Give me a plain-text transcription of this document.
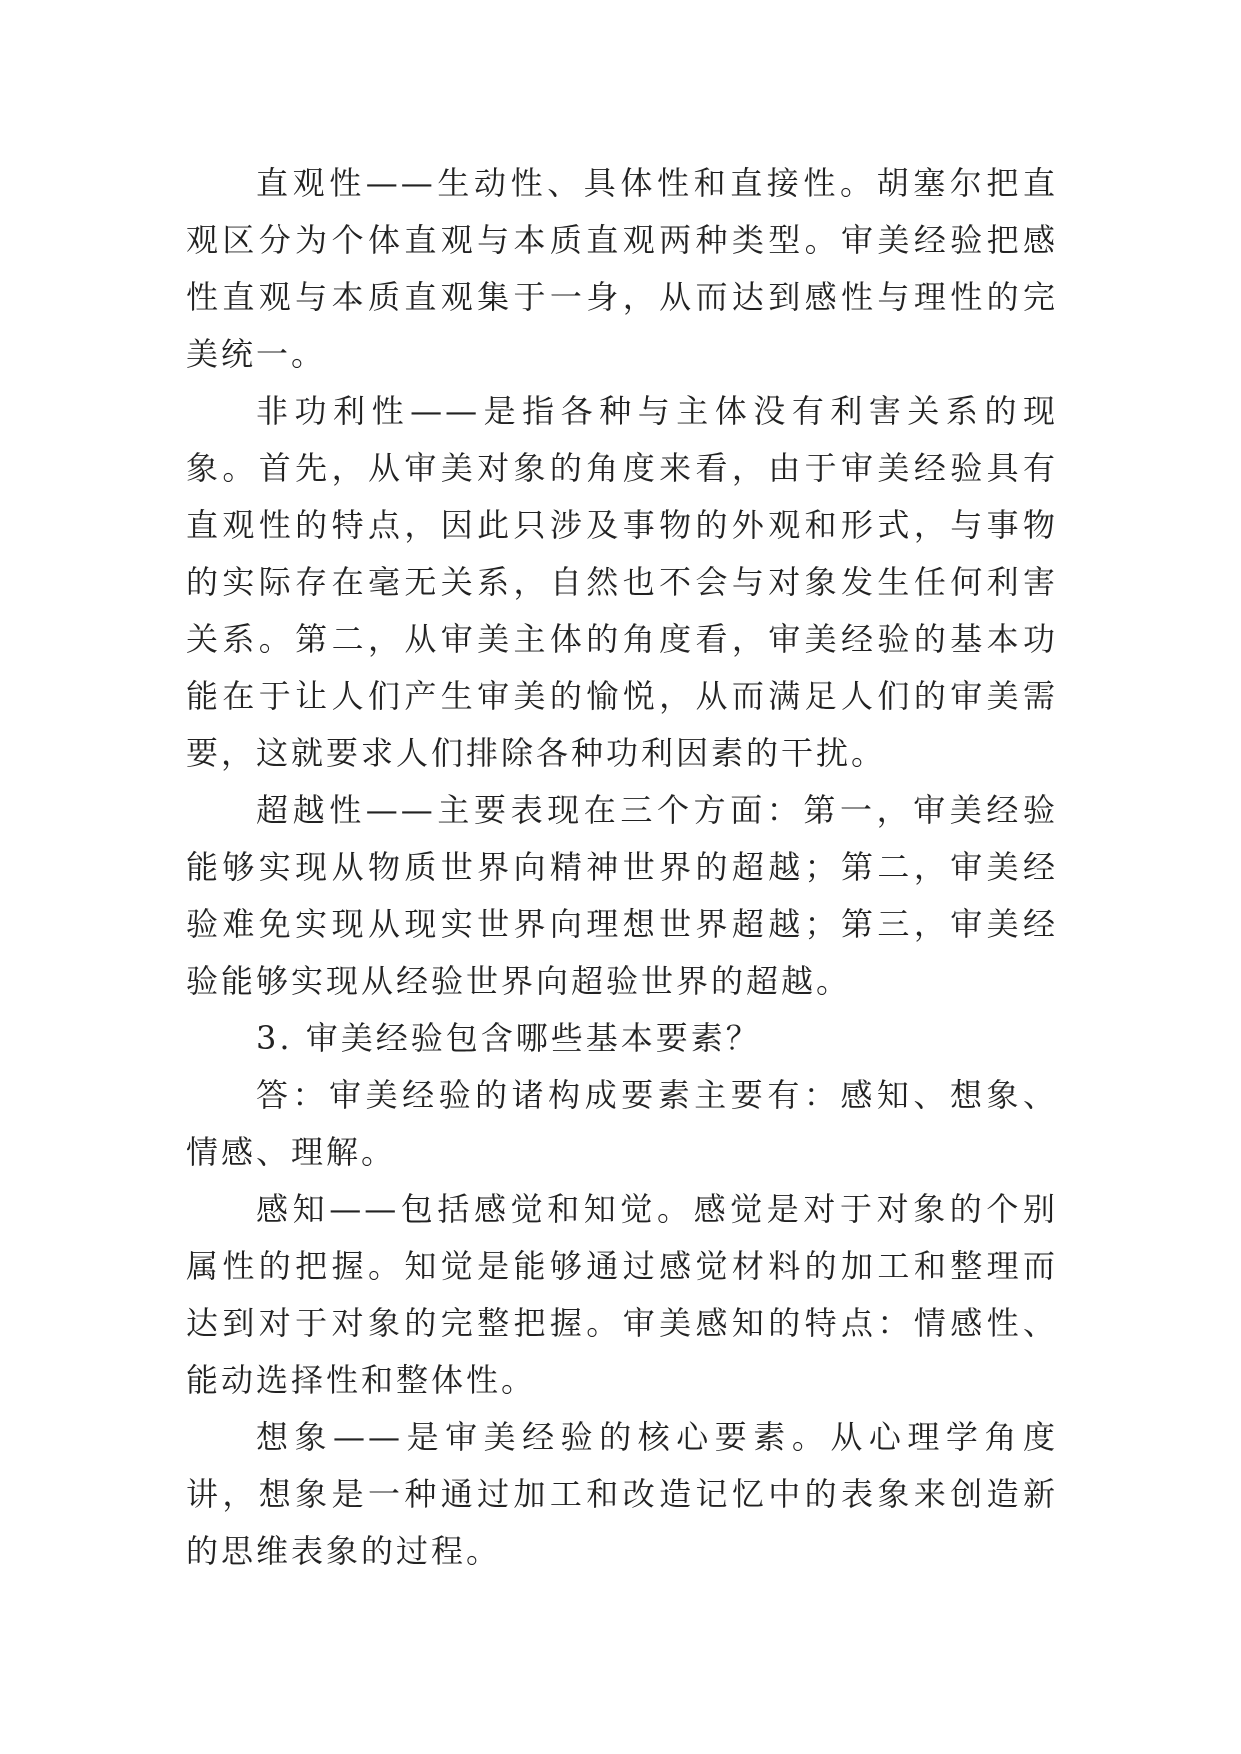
直观性——生动性、具体性和直接性。胡塞尔把直观区分为个体直观与本质直观两种类型。审美经验把感性直观与本质直观集于一身，从而达到感性与理性的完美统一。

非功利性——是指各种与主体没有利害关系的现象。首先，从审美对象的角度来看，由于审美经验具有直观性的特点，因此只涉及事物的外观和形式，与事物的实际存在毫无关系，自然也不会与对象发生任何利害关系。第二，从审美主体的角度看，审美经验的基本功能在于让人们产生审美的愉悦，从而满足人们的审美需要，这就要求人们排除各种功利因素的干扰。

超越性——主要表现在三个方面：第一，审美经验能够实现从物质世界向精神世界的超越；第二，审美经验难免实现从现实世界向理想世界超越；第三，审美经验能够实现从经验世界向超验世界的超越。

3. 审美经验包含哪些基本要素？

答：审美经验的诸构成要素主要有：感知、想象、情感、理解。

感知——包括感觉和知觉。感觉是对于对象的个别属性的把握。知觉是能够通过感觉材料的加工和整理而达到对于对象的完整把握。审美感知的特点：情感性、能动选择性和整体性。

想象——是审美经验的核心要素。从心理学角度讲，想象是一种通过加工和改造记忆中的表象来创造新的思维表象的过程。
